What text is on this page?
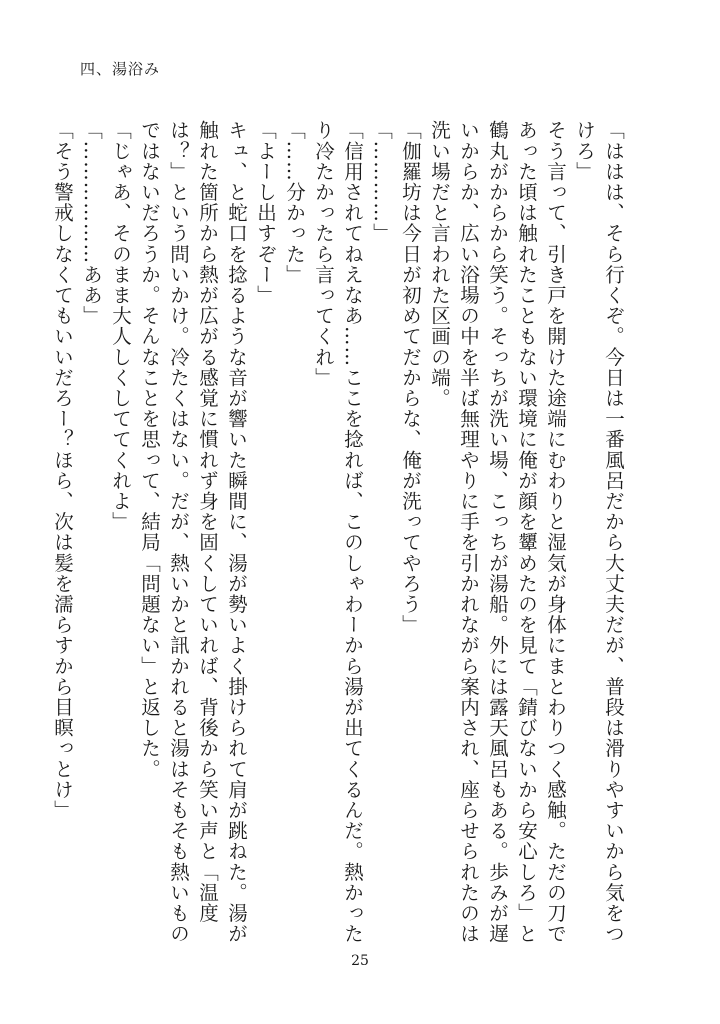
四、湯浴み

「ははは、そら行くぞ。今日は一番風呂だから大丈夫だが、普段は滑りやすいから気をつけろ」

そう言って、引き戸を開けた途端にむわりと湿気が身体にまとわりつく感触。ただの刀であった頃は触れたこともない環境に俺が顔を顰めたのを見て「錆びないから安心しろ」と鶴丸がからから笑う。そっちが洗い場、こっちが湯船。外には露天風呂もある。歩みが遅いからか、広い浴場の中を半ば無理やりに手を引かれながら案内され、座らせられたのは洗い場だと言われた区画の端。

「伽羅坊は今日が初めてだからな、俺が洗ってやろう」

「…………」

「信用されてねえなあ……ここを捻れば、このしゃわーから湯が出てくるんだ。熱かったり冷たかったら言ってくれ」

「……分かった」

「よーし出すぞー」

キュ、と蛇口を捻るような音が響いた瞬間に、湯が勢いよく掛けられて肩が跳ねた。湯が触れた箇所から熱が広がる感覚に慣れず身を固くしていれば、背後から笑い声と「温度は？」という問いかけ。冷たくはない。だが、熱いかと訊かれると湯はそもそも熱いものではないだろうか。そんなことを思って、結局「問題ない」と返した。

「じゃあ、そのまま大人しくしててくれよ」

「………………ああ」

「そう警戒しなくてもいいだろー？ほら、次は髪を濡らすから目瞑っとけ」

25
